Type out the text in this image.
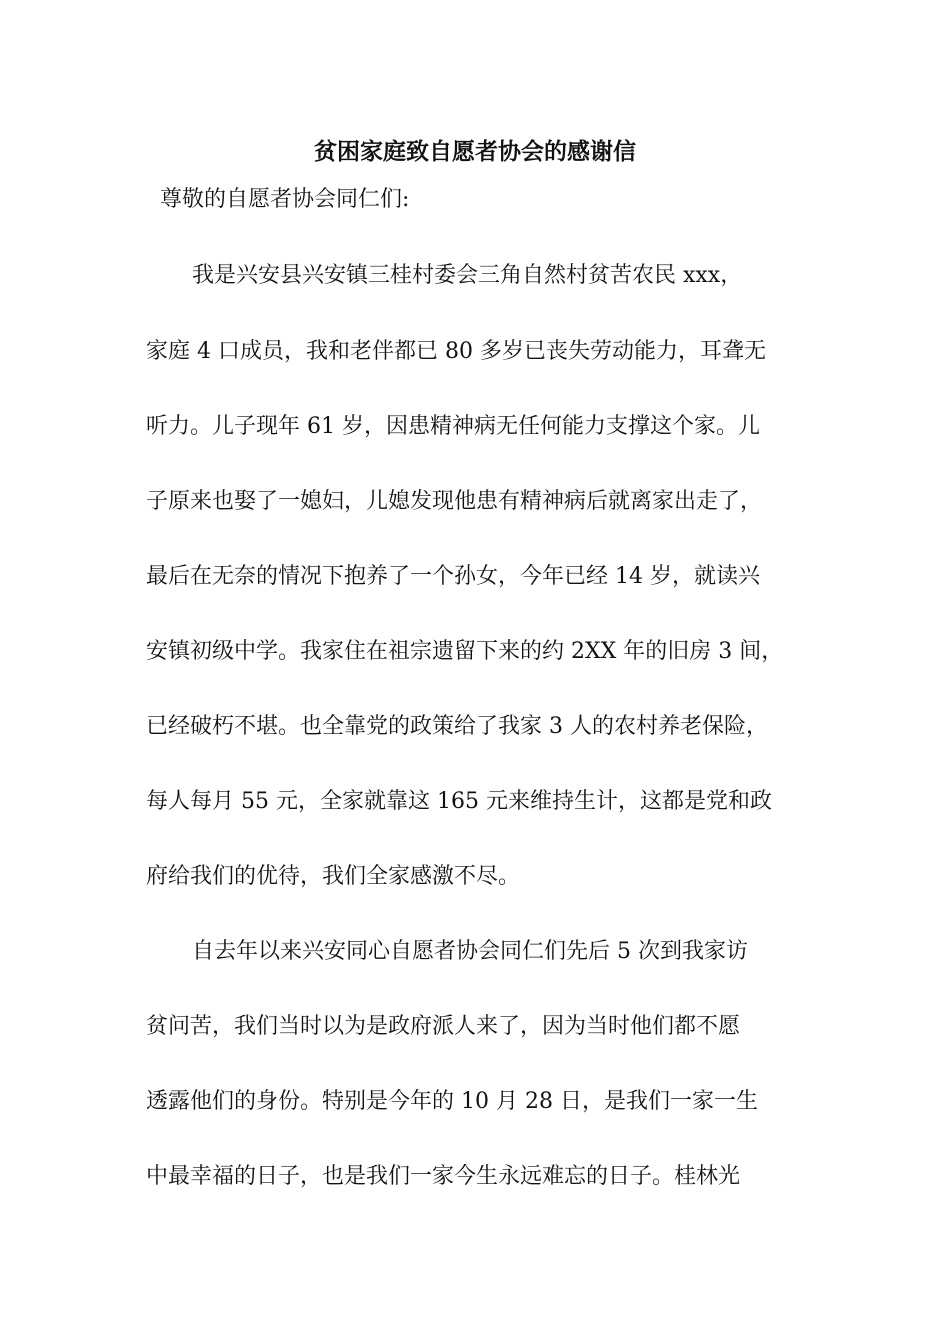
贫困家庭致自愿者协会的感谢信

尊敬的自愿者协会同仁们:

我是兴安县兴安镇三桂村委会三角自然村贫苦农民 xxx，

家庭 4 口成员，我和老伴都已 80 多岁已丧失劳动能力，耳聋无

听力。儿子现年 61 岁，因患精神病无任何能力支撑这个家。儿

子原来也娶了一媳妇，儿媳发现他患有精神病后就离家出走了，

最后在无奈的情况下抱养了一个孙女，今年已经 14 岁，就读兴

安镇初级中学。我家住在祖宗遗留下来的约 2XX 年的旧房 3 间，

已经破朽不堪。也全靠党的政策给了我家 3 人的农村养老保险，

每人每月 55 元，全家就靠这 165 元来维持生计，这都是党和政

府给我们的优待，我们全家感激不尽。

自去年以来兴安同心自愿者协会同仁们先后 5 次到我家访

贫问苦，我们当时以为是政府派人来了，因为当时他们都不愿

透露他们的身份。特别是今年的 10 月 28 日，是我们一家一生

中最幸福的日子，也是我们一家今生永远难忘的日子。桂林光
